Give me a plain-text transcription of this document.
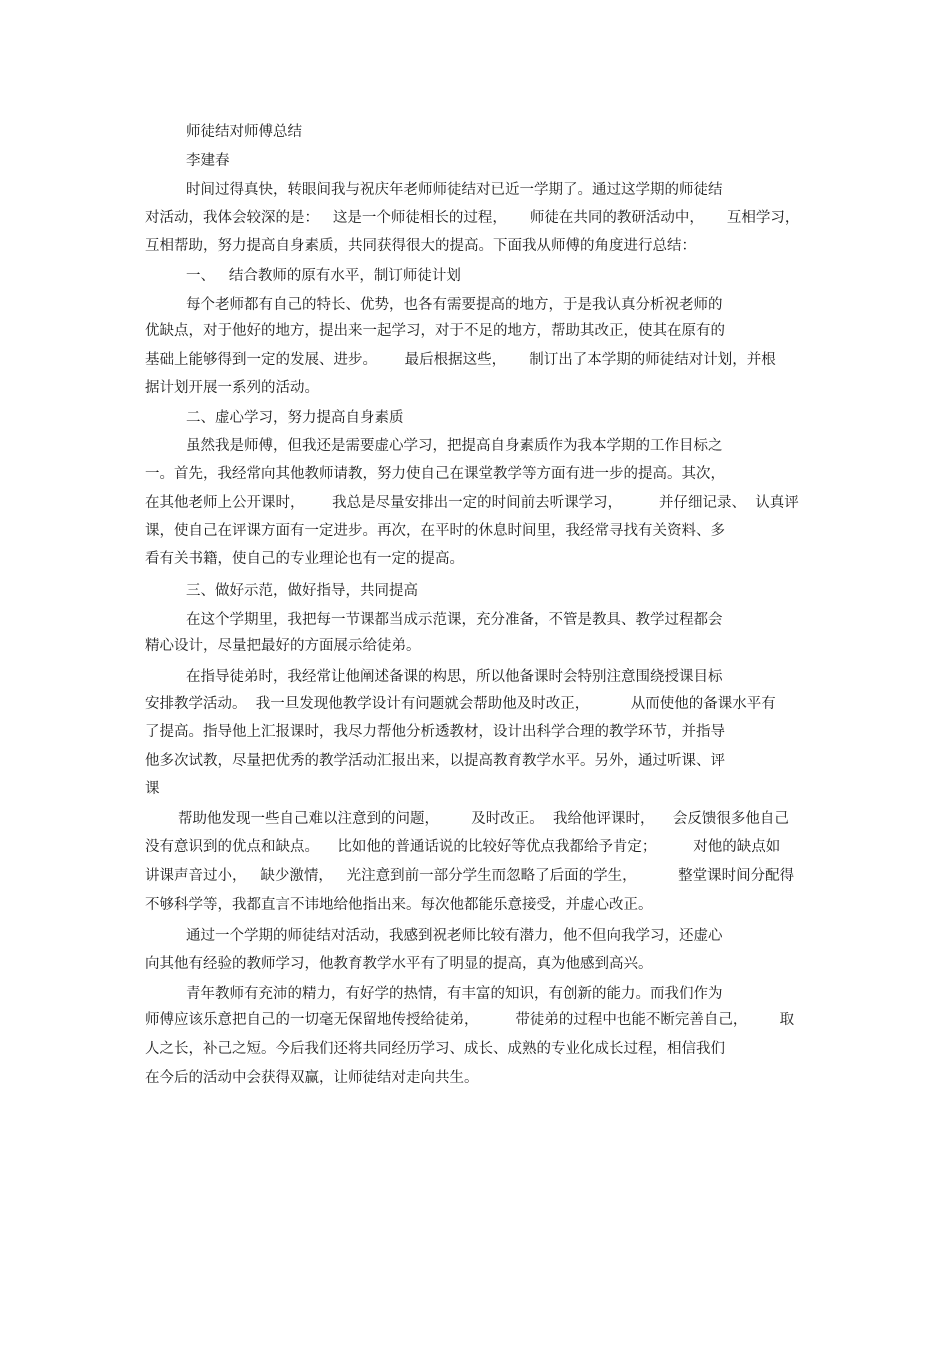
师徒结对师傅总结
李建春
时间过得真快，转眼间我与祝庆年老师师徒结对已近一学期了。通过这学期的师徒结
对活动，我体会较深的是：   这是一个师徒相长的过程，     师徒在共同的教研活动中，     互相学习，
互相帮助，努力提高自身素质，共同获得很大的提高。下面我从师傅的角度进行总结：
一、   结合教师的原有水平，制订师徒计划
每个老师都有自己的特长、优势，也各有需要提高的地方，于是我认真分析祝老师的
优缺点，对于他好的地方，提出来一起学习，对于不足的地方，帮助其改正，使其在原有的
基础上能够得到一定的发展、进步。      最后根据这些，     制订出了本学期的师徒结对计划，并根
据计划开展一系列的活动。
二、虚心学习，努力提高自身素质
虽然我是师傅，但我还是需要虚心学习，把提高自身素质作为我本学期的工作目标之
一。首先，我经常向其他教师请教，努力使自己在课堂教学等方面有进一步的提高。其次，
在其他老师上公开课时，      我总是尽量安排出一定的时间前去听课学习，        并仔细记录、  认真评
课，使自己在评课方面有一定进步。再次，在平时的休息时间里，我经常寻找有关资料、多
看有关书籍，使自己的专业理论也有一定的提高。
三、做好示范，做好指导，共同提高
在这个学期里，我把每一节课都当成示范课，充分准备，不管是教具、教学过程都会
精心设计，尽量把最好的方面展示给徒弟。
在指导徒弟时，我经常让他阐述备课的构思，所以他备课时会特别注意围绕授课目标
安排教学活动。  我一旦发现他教学设计有问题就会帮助他及时改正，         从而使他的备课水平有
了提高。指导他上汇报课时，我尽力帮他分析透教材，设计出科学合理的教学环节，并指导
他多次试教，尽量把优秀的教学活动汇报出来，以提高教育教学水平。另外，通过听课、评
课
帮助他发现一些自己难以注意到的问题，       及时改正。  我给他评课时，    会反馈很多他自己
没有意识到的优点和缺点。    比如他的普通话说的比较好等优点我都给予肯定；        对他的缺点如
讲课声音过小，   缺少激情，   光注意到前一部分学生而忽略了后面的学生，         整堂课时间分配得
不够科学等，我都直言不讳地给他指出来。每次他都能乐意接受，并虚心改正。
通过一个学期的师徒结对活动，我感到祝老师比较有潜力，他不但向我学习，还虚心
向其他有经验的教师学习，他教育教学水平有了明显的提高，真为他感到高兴。
青年教师有充沛的精力，有好学的热情，有丰富的知识，有创新的能力。而我们作为
师傅应该乐意把自己的一切毫无保留地传授给徒弟，        带徒弟的过程中也能不断完善自己，       取
人之长，补己之短。今后我们还将共同经历学习、成长、成熟的专业化成长过程，相信我们
在今后的活动中会获得双赢，让师徒结对走向共生。
